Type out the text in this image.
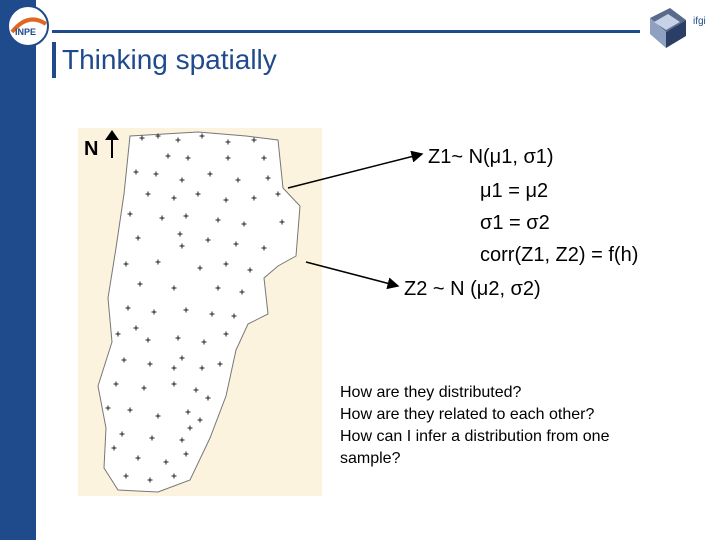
INPE
Thinking spatially
ifgi
N	Z1~ N(μ1, σ1)
μ1 = μ2
σ1 = σ2
corr(Z1, Z2) = f(h)
Z2 ~ N (μ2, σ2)
How are they distributed?
How are they related to each other?
How can I infer a distribution from one
sample?
